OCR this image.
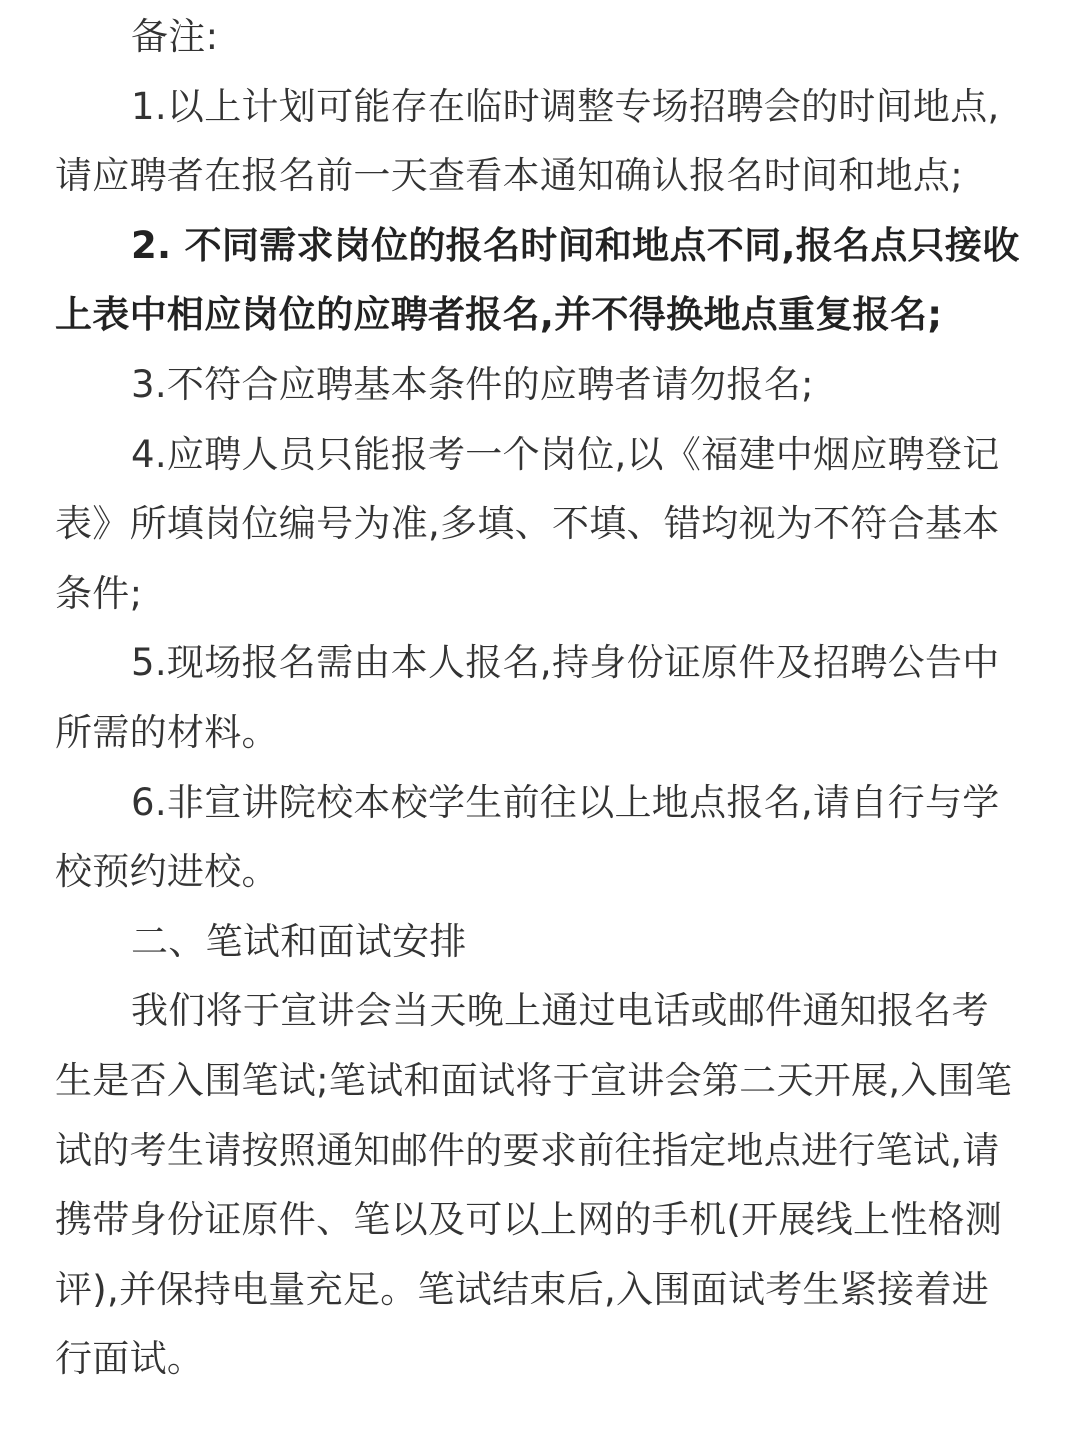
备注:

1.以上计划可能存在临时调整专场招聘会的时间地点,请应聘者在报名前一天查看本通知确认报名时间和地点;

2. 不同需求岗位的报名时间和地点不同,报名点只接收上表中相应岗位的应聘者报名,并不得换地点重复报名;

3.不符合应聘基本条件的应聘者请勿报名;

4.应聘人员只能报考一个岗位,以《福建中烟应聘登记表》所填岗位编号为准,多填、不填、错均视为不符合基本条件;

5.现场报名需由本人报名,持身份证原件及招聘公告中所需的材料。

6.非宣讲院校本校学生前往以上地点报名,请自行与学校预约进校。

二、笔试和面试安排

我们将于宣讲会当天晚上通过电话或邮件通知报名考生是否入围笔试;笔试和面试将于宣讲会第二天开展,入围笔试的考生请按照通知邮件的要求前往指定地点进行笔试,请携带身份证原件、笔以及可以上网的手机(开展线上性格测评),并保持电量充足。笔试结束后,入围面试考生紧接着进行面试。
